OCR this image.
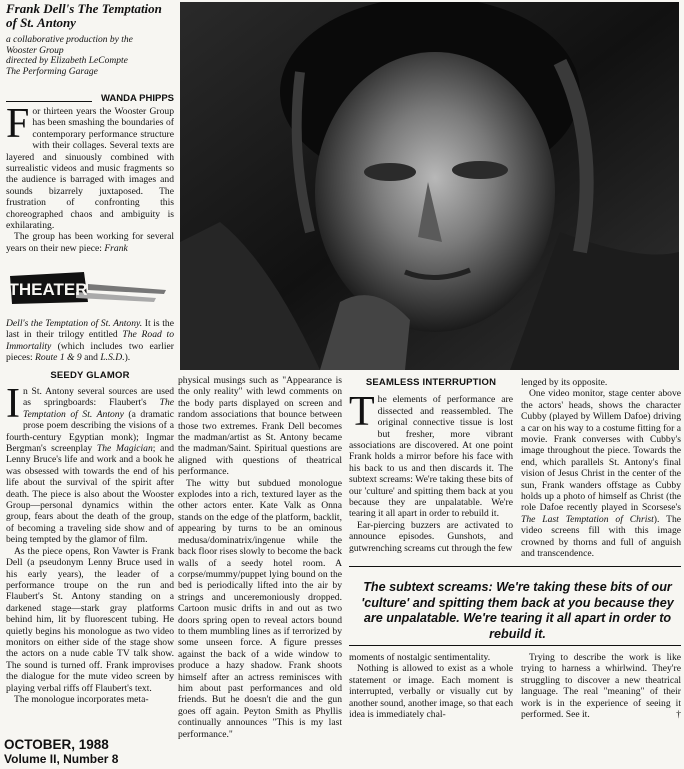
Frank Dell's The Temptation of St. Antony
a collaborative production by the
Wooster Group
directed by Elizabeth LeCompte
The Performing Garage
WANDA PHIPPS

For thirteen years the Wooster Group has been smashing the boundaries of contemporary performance structure with their collages. Several texts are layered and sinuously combined with surrealistic videos and music fragments so the audience is barraged with images and sounds bizarrely juxtaposed. The frustration of confronting this choreographed chaos and ambiguity is exhilarating.

The group has been working for several years on their new piece: Frank

THEATER

Dell's the Temptation of St. Antony. It is the last in their trilogy entitled The Road to Immortality (which includes two earlier pieces: Route 1 & 9 and L.S.D.).

SEEDY GLAMOR

In St. Antony several sources are used as springboards: Flaubert's The Temptation of St. Antony (a dramatic prose poem describing the visions of a fourth-century Egyptian monk); Ingmar Bergman's screenplay The Magician; and Lenny Bruce's life and work and a book he was obsessed with towards the end of his life about the survival of the spirit after death. The piece is also about the Wooster Group—personal dynamics within the group, fears about the death of the group, of becoming a traveling side show and of being tempted by the glamor of film.

As the piece opens, Ron Vawter is Frank Dell (a pseudonym Lenny Bruce used in his early years), the leader of a performance troupe on the run and Flaubert's St. Antony standing on a darkened stage—stark gray platforms behind him, lit by fluorescent tubing. He quietly begins his monologue as two video monitors on either side of the stage show the actors on a nude cable TV talk show. The sound is turned off. Frank improvises the dialogue for the mute video screen by playing verbal riffs off Flaubert's text.

The monologue incorporates meta-

physical musings such as "Appearance is the only reality" with lewd comments on the body parts displayed on screen and random associations that bounce between those two extremes. Frank Dell becomes the madman/artist as St. Antony became the madman/Saint. Spiritual questions are aligned with questions of theatrical performance.

The witty but subdued monologue explodes into a rich, textured layer as the other actors enter. Kate Valk as Onna stands on the edge of the platform, backlit, appearing by turns to be an ominous medusa/dominatrix/ingenue while the back floor rises slowly to become the back walls of a seedy hotel room. A corpse/mummy/puppet lying bound on the bed is periodically lifted into the air by strings and unceremoniously dropped. Cartoon music drifts in and out as two doors spring open to reveal actors bound to them mumbling lines as if terrorized by some unseen force. A figure presses against the back of a wide window to produce a hazy shadow. Frank shoots himself after an actress reminisces with him about past performances and old friends. But he doesn't die and the gun goes off again. Peyton Smith as Phyllis continually announces "This is my last performance."

SEAMLESS INTERRUPTION

The elements of performance are dissected and reassembled. The original connective tissue is lost but fresher, more vibrant associations are discovered. At one point Frank holds a mirror before his face with his back to us and then discards it. The subtext screams: We're taking these bits of our 'culture' and spitting them back at you because they are unpalatable. We're tearing it all apart in order to rebuild it.

Ear-piercing buzzers are activated to announce episodes. Gunshots, and gutwrenching screams cut through the few

lenged by its opposite.

One video monitor, stage center above the actors' heads, shows the character Cubby (played by Willem Dafoe) driving a car on his way to a costume fitting for a movie. Frank converses with Cubby's image throughout the piece. Towards the end, which parallels St. Antony's final vision of Jesus Christ in the center of the sun, Frank wanders offstage as Cubby holds up a photo of himself as Christ (the role Dafoe recently played in Scorsese's The Last Temptation of Christ). The video screens fill with this image crowned by thorns and full of anguish and transcendence.

The subtext screams: We're taking these bits of our 'culture' and spitting them back at you because they are unpalatable. We're tearing it all apart in order to rebuild it.

moments of nostalgic sentimentality.

Nothing is allowed to exist as a whole statement or image. Each moment is interrupted, verbally or visually cut by another sound, another image, so that each idea is immediately chal-

Trying to describe the work is like trying to harness a whirlwind. They're struggling to discover a new theatrical language. The real "meaning" of their work is in the experience of seeing it performed. See it.	†

OCTOBER, 1988
Volume II, Number 8
